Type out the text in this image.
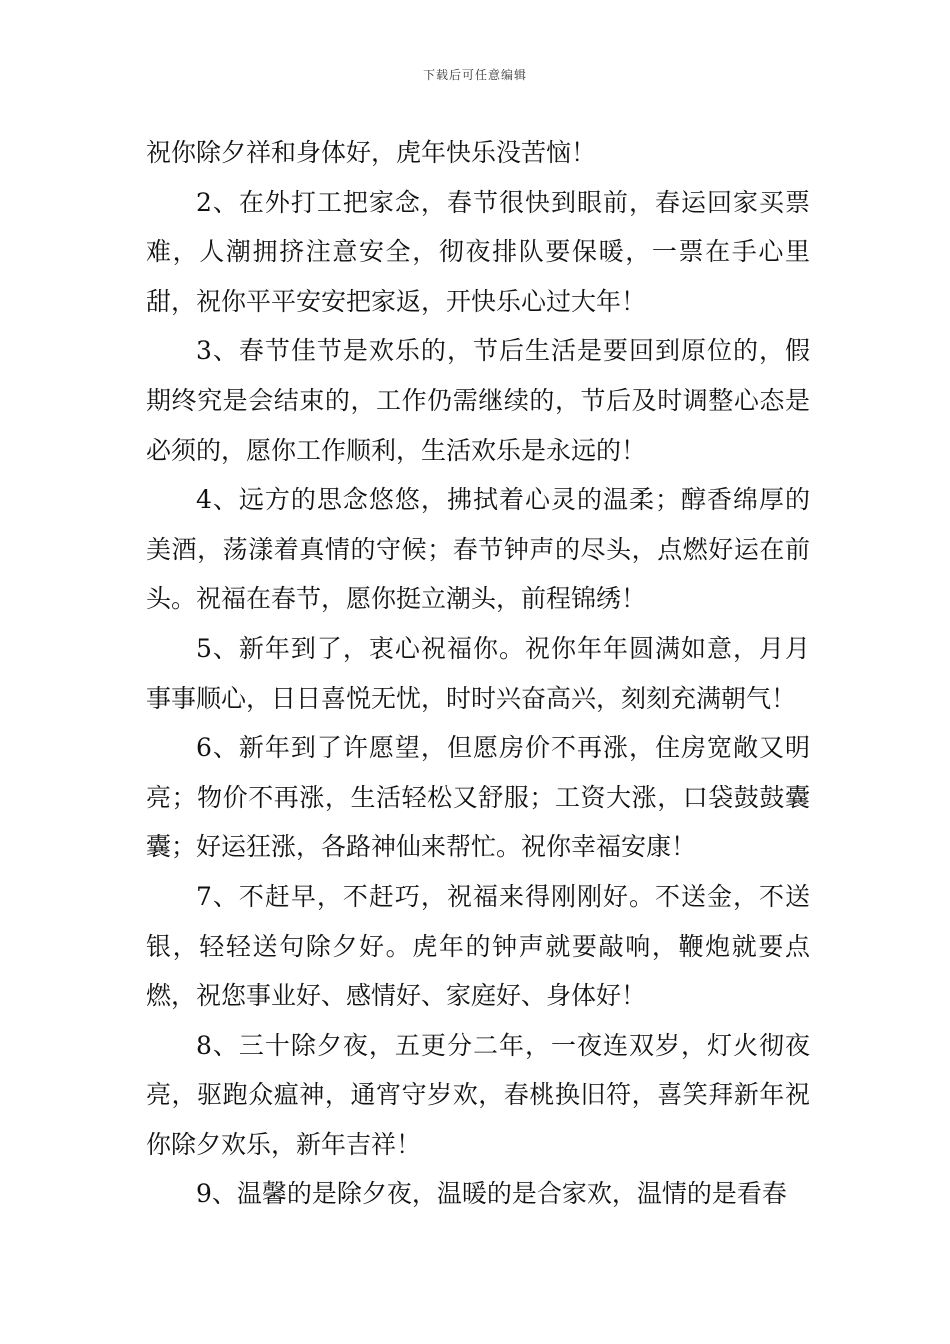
下载后可任意编辑

祝你除夕祥和身体好，虎年快乐没苦恼！

2、在外打工把家念，春节很快到眼前，春运回家买票难，人潮拥挤注意安全，彻夜排队要保暖，一票在手心里甜，祝你平平安安把家返，开快乐心过大年！

3、春节佳节是欢乐的，节后生活是要回到原位的，假期终究是会结束的，工作仍需继续的，节后及时调整心态是必须的，愿你工作顺利，生活欢乐是永远的！

4、远方的思念悠悠，拂拭着心灵的温柔；醇香绵厚的美酒，荡漾着真情的守候；春节钟声的尽头，点燃好运在前头。祝福在春节，愿你挺立潮头，前程锦绣！

5、新年到了，衷心祝福你。祝你年年圆满如意，月月事事顺心，日日喜悦无忧，时时兴奋高兴，刻刻充满朝气！

6、新年到了许愿望，但愿房价不再涨，住房宽敞又明亮；物价不再涨，生活轻松又舒服；工资大涨，口袋鼓鼓囊囊；好运狂涨，各路神仙来帮忙。祝你幸福安康！

7、不赶早，不赶巧，祝福来得刚刚好。不送金，不送银，轻轻送句除夕好。虎年的钟声就要敲响，鞭炮就要点燃，祝您事业好、感情好、家庭好、身体好！

8、三十除夕夜，五更分二年，一夜连双岁，灯火彻夜亮，驱跑众瘟神，通宵守岁欢，春桃换旧符，喜笑拜新年祝你除夕欢乐，新年吉祥！

9、温馨的是除夕夜，温暖的是合家欢，温情的是看春
